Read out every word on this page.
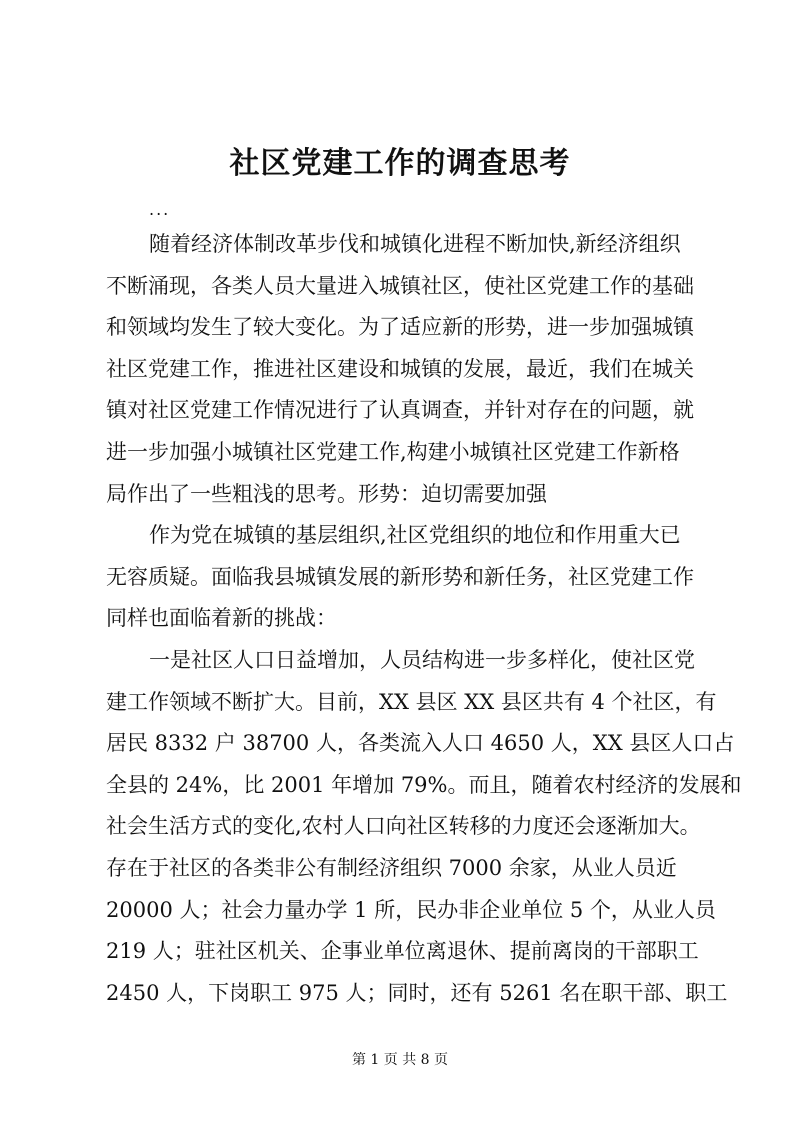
社区党建工作的调查思考
...
随着经济体制改革步伐和城镇化进程不断加快,新经济组织
不断涌现，各类人员大量进入城镇社区，使社区党建工作的基础
和领域均发生了较大变化。为了适应新的形势，进一步加强城镇
社区党建工作，推进社区建设和城镇的发展，最近，我们在城关
镇对社区党建工作情况进行了认真调查，并针对存在的问题，就
进一步加强小城镇社区党建工作,构建小城镇社区党建工作新格
局作出了一些粗浅的思考。形势：迫切需要加强
作为党在城镇的基层组织,社区党组织的地位和作用重大已
无容质疑。面临我县城镇发展的新形势和新任务，社区党建工作
同样也面临着新的挑战：
一是社区人口日益增加，人员结构进一步多样化，使社区党
建工作领域不断扩大。目前，XX 县区 XX 县区共有 4 个社区，有
居民 8332 户 38700 人，各类流入人口 4650 人，XX 县区人口占
全县的 24%，比 2001 年增加 79%。而且，随着农村经济的发展和
社会生活方式的变化,农村人口向社区转移的力度还会逐渐加大。
存在于社区的各类非公有制经济组织 7000 余家，从业人员近
20000 人；社会力量办学 1 所，民办非企业单位 5 个，从业人员
219 人；驻社区机关、企事业单位离退休、提前离岗的干部职工
2450 人，下岗职工 975 人；同时，还有 5261 名在职干部、职工
第 1 页 共 8 页
